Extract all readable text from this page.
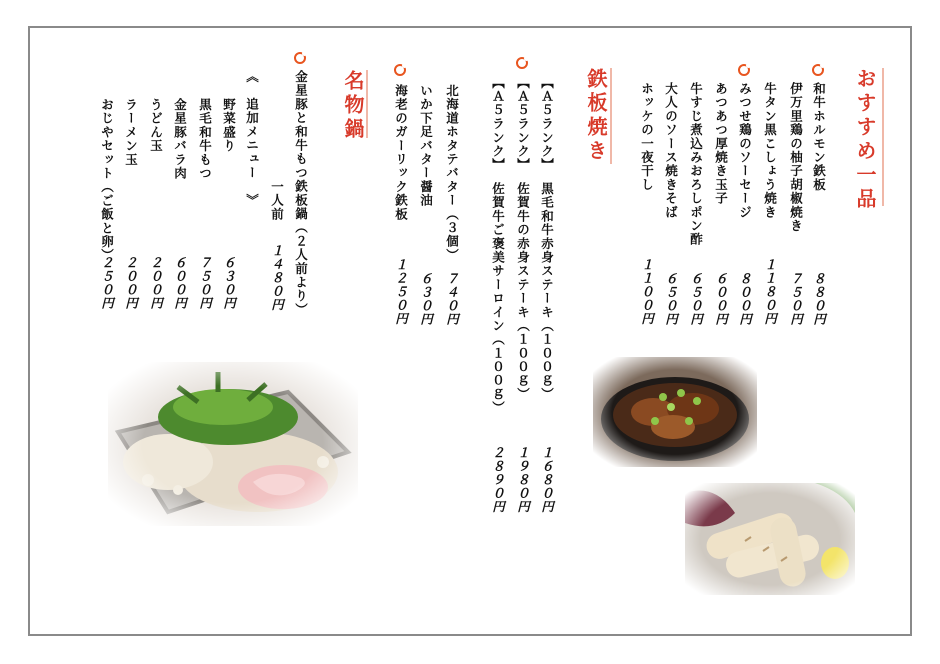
おすすめ一品
和牛ホルモン鉄板
８８０円
伊万里鶏の柚子胡椒焼き
７５０円
牛タン黒こしょう焼き
１１８０円
みつせ鶏のソーセージ
８００円
あつあつ厚焼き玉子
６００円
牛すじ煮込みおろしポン酢
６５０円
大人のソース焼きそば
６５０円
ホッケの一夜干し
１１００円
鉄板焼き
【Ａ５ランク】
黒毛和牛赤身ステーキ（１００ｇ）
１６８０円
【Ａ５ランク】
佐賀牛の赤身ステーキ（１００ｇ）
１９８０円
【Ａ５ランク】
佐賀牛ご褒美サーロイン（１００ｇ）
２８９０円
北海道ホタテバター（３個）
７４０円
いか下足バター醤油
６３０円
海老のガーリック鉄板
１２５０円
名物鍋
金星豚と和牛もつ鉄板鍋（２人前より）
一人前
１４８０円
《　追加メニュー　》
野菜盛り
６３０円
黒毛和牛もつ
７５０円
金星豚バラ肉
６００円
うどん玉
２００円
ラーメン玉
２００円
おじやセット（ご飯と卵）
２５０円
